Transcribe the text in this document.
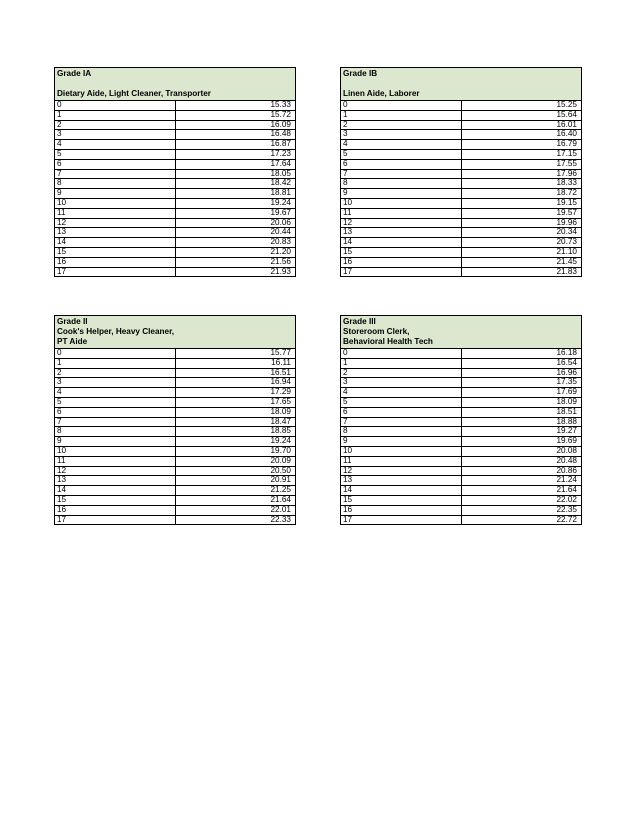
Grade IA
Dietary Aide, Light Cleaner, Transporter	

0	15.33
1	15.72
2	16.09
3	16.48
4	16.87
5	17.23
6	17.64
7	18.05
8	18.42
9	18.81
10	19.24
11	19.67
12	20.06
13	20.44
14	20.83
15	21.20
16	21.56
17	21.93
Grade IB
Linen Aide, Laborer	

0	15.25
1	15.64
2	16.01
3	16.40
4	16.79
5	17.15
6	17.55
7	17.96
8	18.33
9	18.72
10	19.15
11	19.57
12	19.96
13	20.34
14	20.73
15	21.10
16	21.45
17	21.83
Grade II
Cook's Helper, Heavy Cleaner,
PT Aide	

0	15.77
1	16.11
2	16.51
3	16.94
4	17.29
5	17.65
6	18.09
7	18.47
8	18.85
9	19.24
10	19.70
11	20.09
12	20.50
13	20.91
14	21.25
15	21.64
16	22.01
17	22.33
Grade III
Storeroom Clerk,
Behavioral Health Tech	

0	16.18
1	16.54
2	16.96
3	17.35
4	17.69
5	18.09
6	18.51
7	18.88
8	19.27
9	19.69
10	20.08
11	20.48
12	20.86
13	21.24
14	21.64
15	22.02
16	22.35
17	22.72
